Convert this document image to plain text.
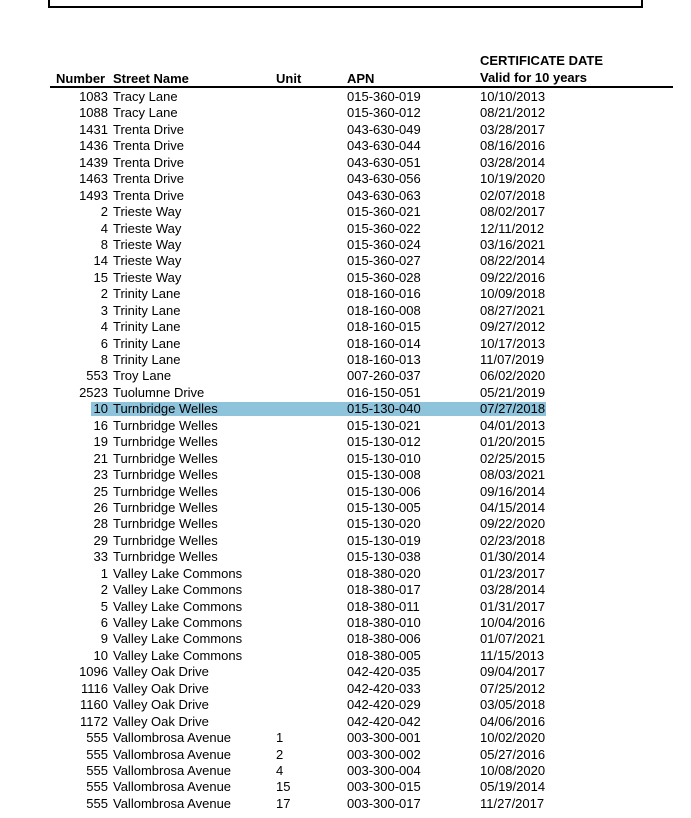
Number Street Name	Unit	APN
CERTIFICATE DATE
Valid for 10 years
1083 Tracy Lane	015-360-019	10/10/2013
1088 Tracy Lane	015-360-012	08/21/2012
1431 Trenta Drive	043-630-049	03/28/2017
1436 Trenta Drive	043-630-044	08/16/2016
1439 Trenta Drive	043-630-051	03/28/2014
1463 Trenta Drive	043-630-056	10/19/2020
1493 Trenta Drive	043-630-063	02/07/2018
2 Trieste Way	015-360-021	08/02/2017
4 Trieste Way	015-360-022	12/11/2012
8 Trieste Way	015-360-024	03/16/2021
14 Trieste Way	015-360-027	08/22/2014
15 Trieste Way	015-360-028	09/22/2016
2 Trinity Lane	018-160-016	10/09/2018
3 Trinity Lane	018-160-008	08/27/2021
4 Trinity Lane	018-160-015	09/27/2012
6 Trinity Lane	018-160-014	10/17/2013
8 Trinity Lane	018-160-013	11/07/2019
553 Troy Lane	007-260-037	06/02/2020
2523 Tuolumne Drive	016-150-051	05/21/2019
10 Turnbridge Welles	015-130-040	07/27/2018
16 Turnbridge Welles	015-130-021	04/01/2013
19 Turnbridge Welles	015-130-012	01/20/2015
21 Turnbridge Welles	015-130-010	02/25/2015
23 Turnbridge Welles	015-130-008	08/03/2021
25 Turnbridge Welles	015-130-006	09/16/2014
26 Turnbridge Welles	015-130-005	04/15/2014
28 Turnbridge Welles	015-130-020	09/22/2020
29 Turnbridge Welles	015-130-019	02/23/2018
33 Turnbridge Welles	015-130-038	01/30/2014
1 Valley Lake Commons	018-380-020	01/23/2017
2 Valley Lake Commons	018-380-017	03/28/2014
5 Valley Lake Commons	018-380-011	01/31/2017
6 Valley Lake Commons	018-380-010	10/04/2016
9 Valley Lake Commons	018-380-006	01/07/2021
10 Valley Lake Commons	018-380-005	11/15/2013
1096 Valley Oak Drive	042-420-035	09/04/2017
1116 Valley Oak Drive	042-420-033	07/25/2012
1160 Valley Oak Drive	042-420-029	03/05/2018
1172 Valley Oak Drive	042-420-042	04/06/2016
555 Vallombrosa Avenue	1	003-300-001	10/02/2020
555 Vallombrosa Avenue	2	003-300-002	05/27/2016
555 Vallombrosa Avenue	4	003-300-004	10/08/2020
555 Vallombrosa Avenue	15	003-300-015	05/19/2014
555 Vallombrosa Avenue	17	003-300-017	11/27/2017
